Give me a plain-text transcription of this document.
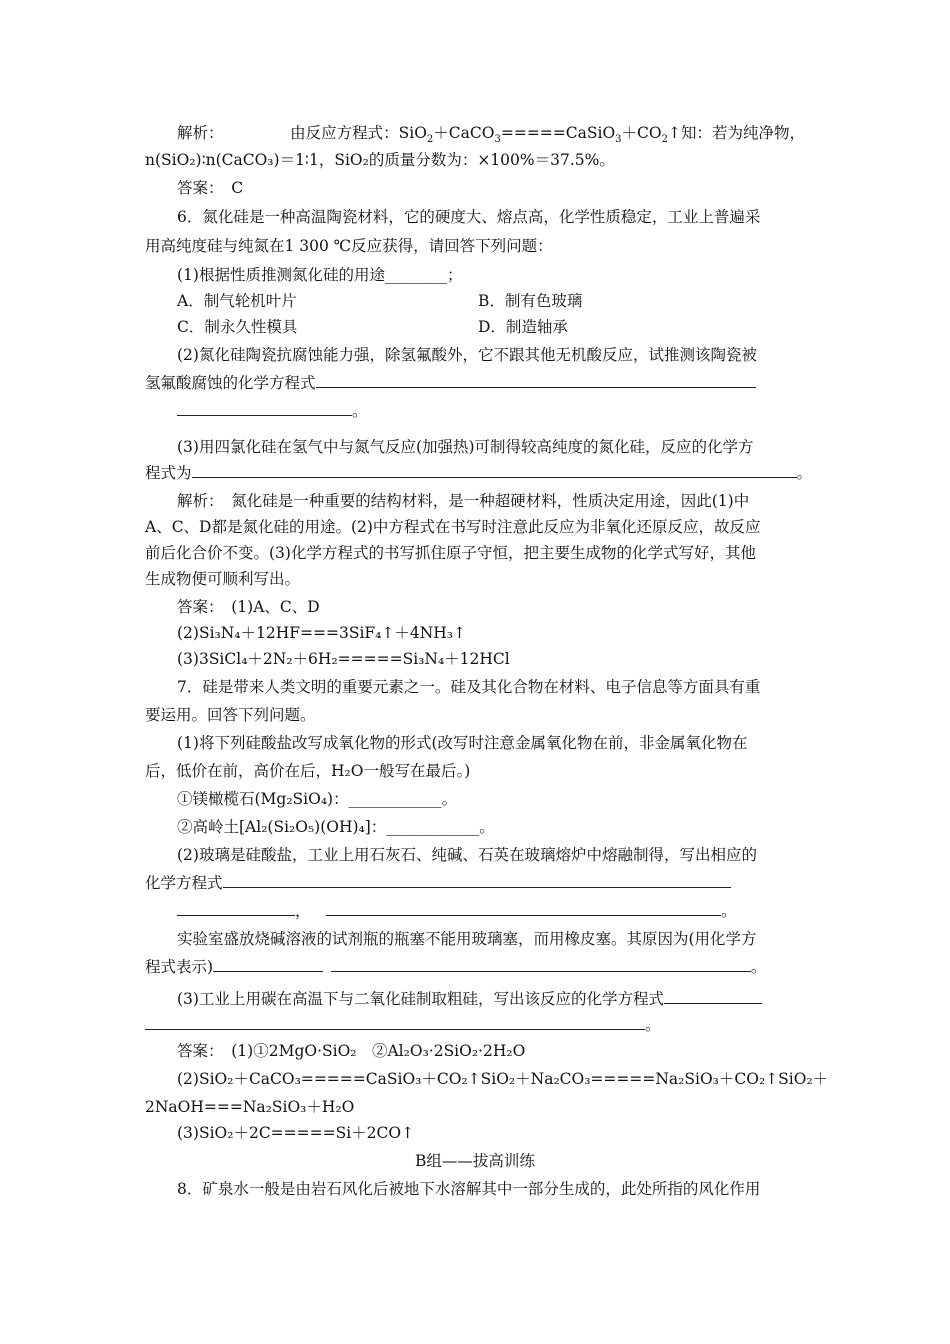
解析：	由反应方程式：$SiO_2+CaCO_3=====CaSiO_3+CO_2↑$知：若为纯净物，
n(SiO₂)∶n(CaCO₃)＝1∶1，SiO₂的质量分数为：×100%＝37.5%。
答案：　C
6．氮化硅是一种高温陶瓷材料，它的硬度大、熔点高，化学性质稳定，工业上普遍采
用高纯度硅与纯氮在1 300 ℃反应获得，请回答下列问题：
(1)根据性质推测氮化硅的用途________；
A．制气轮机叶片	B．制有色玻璃
C．制永久性模具	D．制造轴承
(2)氮化硅陶瓷抗腐蚀能力强，除氢氟酸外，它不跟其他无机酸反应，试推测该陶瓷被
氢氟酸腐蚀的化学方程式
。
(3)用四氯化硅在氢气中与氮气反应(加强热)可制得较高纯度的氮化硅，反应的化学方
程式为	。
解析：　氮化硅是一种重要的结构材料，是一种超硬材料，性质决定用途，因此(1)中
A、C、D都是氮化硅的用途。(2)中方程式在书写时注意此反应为非氧化还原反应，故反应
前后化合价不变。(3)化学方程式的书写抓住原子守恒，把主要生成物的化学式写好，其他
生成物便可顺利写出。
答案：　(1)A、C、D
(2)Si₃N₄＋12HF===3SiF₄↑＋4NH₃↑
(3)3SiCl₄＋2N₂＋6H₂=====Si₃N₄＋12HCl
7．硅是带来人类文明的重要元素之一。硅及其化合物在材料、电子信息等方面具有重
要运用。回答下列问题。
(1)将下列硅酸盐改写成氧化物的形式(改写时注意金属氧化物在前，非金属氧化物在
后，低价在前，高价在后，H₂O一般写在最后。)
①镁橄榄石(Mg₂SiO₄)：____________。
②高岭土[Al₂(Si₂O₅)(OH)₄]：____________。
(2)玻璃是硅酸盐，工业上用石灰石、纯碱、石英在玻璃熔炉中熔融制得，写出相应的
化学方程式
， 	。
实验室盛放烧碱溶液的试剂瓶的瓶塞不能用玻璃塞，而用橡皮塞。其原因为(用化学方
程式表示) 	。
(3)工业上用碳在高温下与二氧化硅制取粗硅，写出该反应的化学方程式
。
答案：　(1)①2MgO·SiO₂　②Al₂O₃·2SiO₂·2H₂O
(2)SiO₂＋CaCO₃=====CaSiO₃＋CO₂↑ SiO₂＋Na₂CO₃=====Na₂SiO₃＋CO₂↑ SiO₂＋
2NaOH===Na₂SiO₃＋H₂O
(3)SiO₂＋2C=====Si＋2CO↑
B组——拔高训练
8．矿泉水一般是由岩石风化后被地下水溶解其中一部分生成的，此处所指的风化作用
